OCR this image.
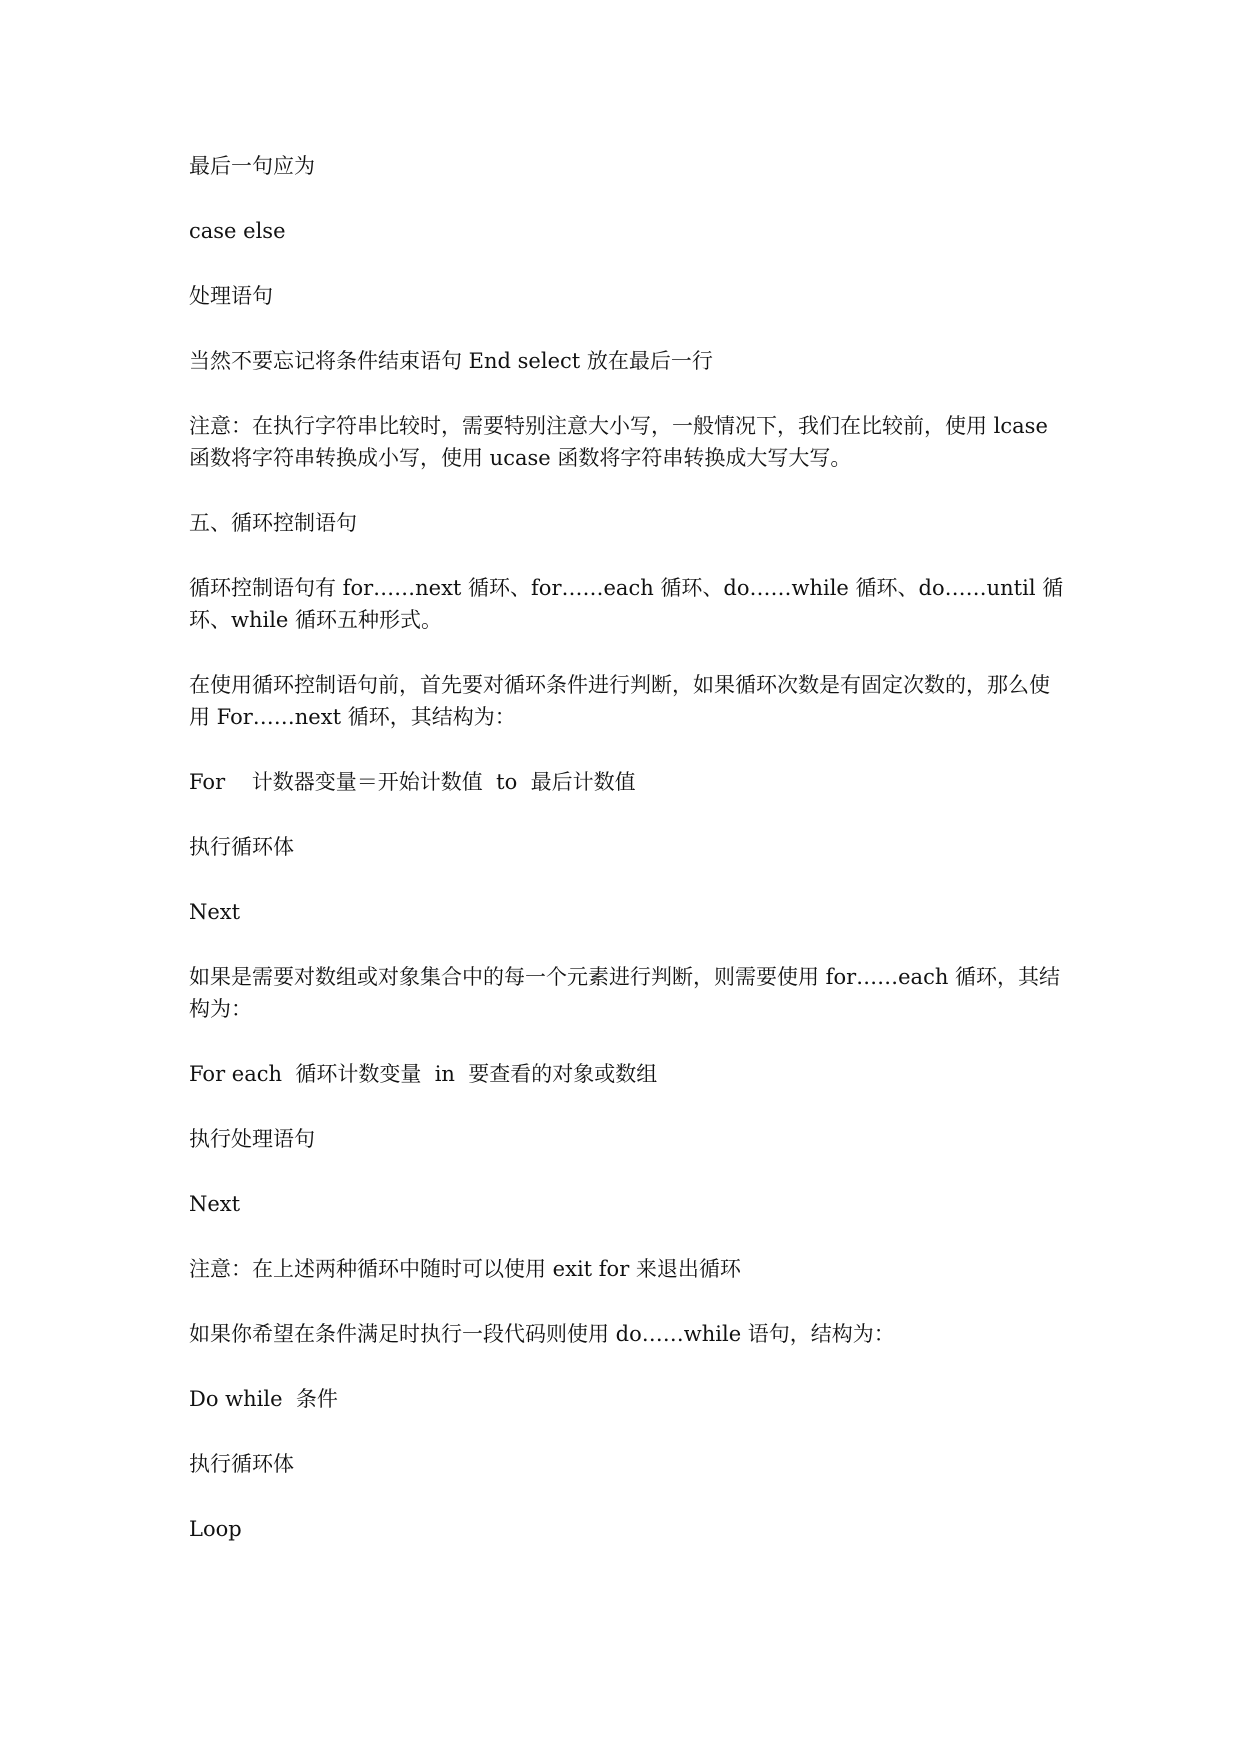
最后一句应为

case else

处理语句

当然不要忘记将条件结束语句 End select 放在最后一行

注意：在执行字符串比较时，需要特别注意大小写，一般情况下，我们在比较前，使用 lcase 函数将字符串转换成小写，使用 ucase 函数将字符串转换成大写大写。

五、循环控制语句

循环控制语句有 for……next 循环、for……each 循环、do……while 循环、do……until 循环、while 循环五种形式。

在使用循环控制语句前，首先要对循环条件进行判断，如果循环次数是有固定次数的，那么使用 For……next 循环，其结构为：

For    计数器变量＝开始计数值  to  最后计数值

执行循环体

Next

如果是需要对数组或对象集合中的每一个元素进行判断，则需要使用 for……each 循环，其结构为：

For each  循环计数变量  in  要查看的对象或数组

执行处理语句

Next

注意：在上述两种循环中随时可以使用 exit for 来退出循环

如果你希望在条件满足时执行一段代码则使用 do……while 语句，结构为：

Do while  条件

执行循环体

Loop
